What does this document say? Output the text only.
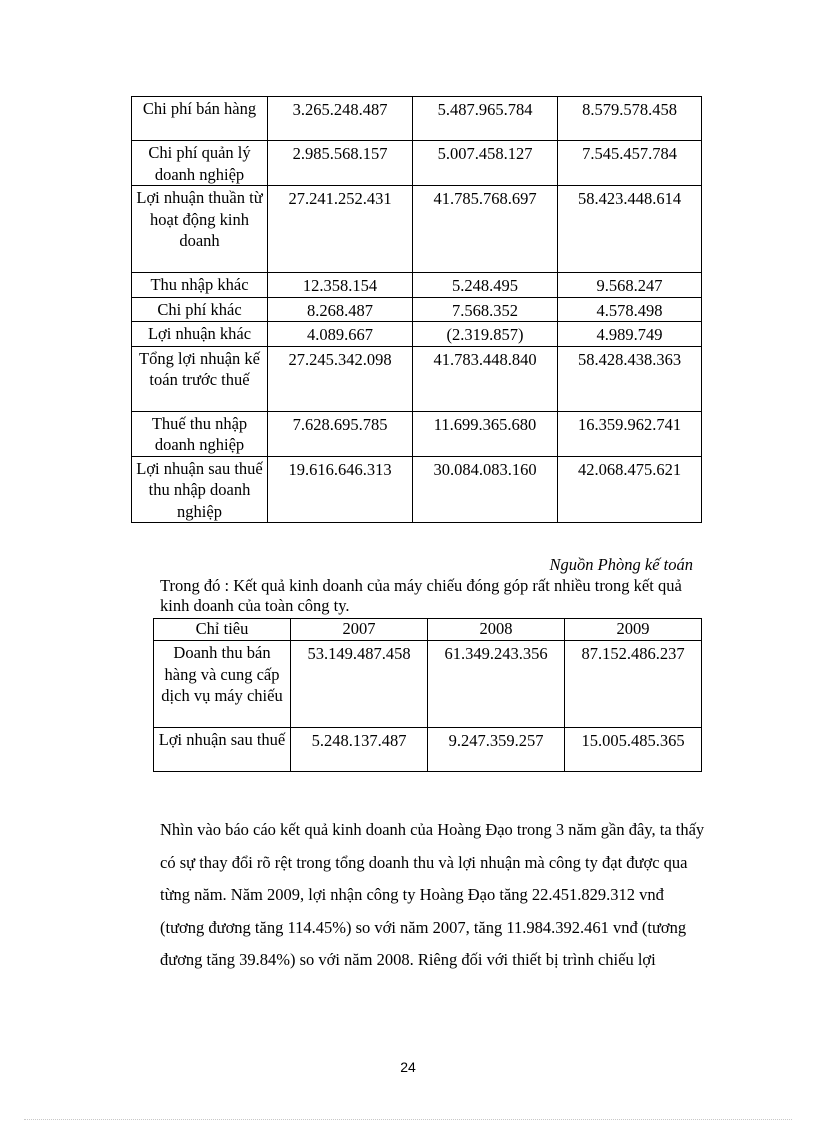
Chi phí bán hàng	3.265.248.487	5.487.965.784	8.579.578.458
Chi phí quản lý doanh nghiệp	2.985.568.157	5.007.458.127	7.545.457.784
Lợi nhuận thuần từ hoạt động kinh doanh	27.241.252.431	41.785.768.697	58.423.448.614
Thu nhập khác	12.358.154	5.248.495	9.568.247
Chi phí khác	8.268.487	7.568.352	4.578.498
Lợi nhuận khác	4.089.667	(2.319.857)	4.989.749
Tổng lợi nhuận kế toán trước thuế	27.245.342.098	41.783.448.840	58.428.438.363
Thuế thu nhập doanh nghiệp	7.628.695.785	11.699.365.680	16.359.962.741
Lợi nhuận sau thuế thu nhập doanh nghiệp	19.616.646.313	30.084.083.160	42.068.475.621
Nguồn Phòng kế toán
Trong đó : Kết quả kinh doanh của máy chiếu đóng góp rất nhiều trong kết quả kinh doanh của toàn công ty.
Chỉ tiêu	2007	2008	2009
Doanh thu bán hàng và cung cấp dịch vụ máy chiếu	53.149.487.458	61.349.243.356	87.152.486.237
Lợi nhuận sau thuế	5.248.137.487	9.247.359.257	15.005.485.365

Nhìn vào báo cáo kết quả kinh doanh của Hoàng Đạo trong 3 năm gần đây, ta thấy có sự thay đổi rõ rệt trong tổng doanh thu và lợi nhuận mà công ty đạt được qua từng năm. Năm 2009, lợi nhận công ty Hoàng Đạo tăng 22.451.829.312 vnđ (tương đương tăng 114.45%) so với năm 2007, tăng 11.984.392.461 vnđ (tương đương tăng 39.84%) so với năm 2008. Riêng đối với thiết bị trình chiếu lợi

24
